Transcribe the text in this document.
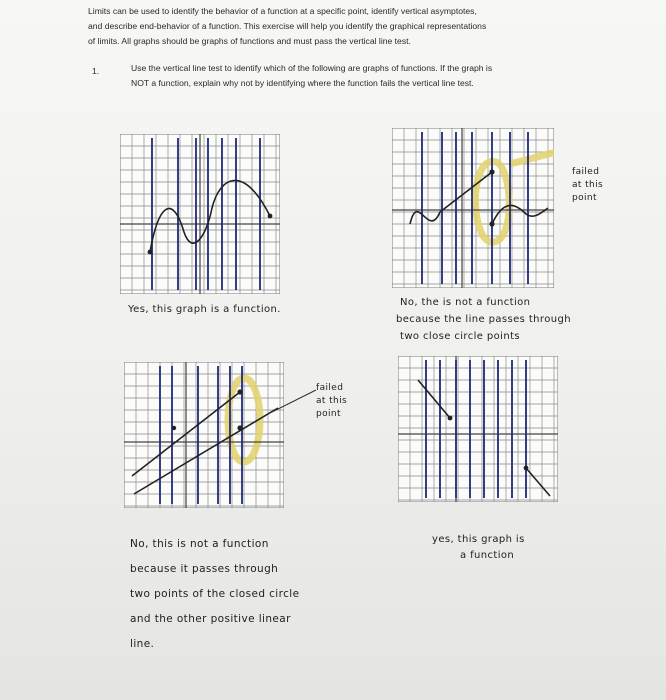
Limits can be used to identify the behavior of a function at a specific point, identify vertical asymptotes,
and describe end-behavior of a function. This exercise will help you identify the graphical representations
of limits. All graphs should be graphs of functions and must pass the vertical line test.
1.	Use the vertical line test to identify which of the following are graphs of functions. If the graph is
NOT a function, explain why not by identifying where the function fails the vertical line test.
Yes, this graph is a function.
failed
at this
point
No, the is not a function
because the line passes through
two close circle points
failed
at this
point
No, this is not a function
because it passes through
two points of the closed circle
and the other positive linear
line.
yes, this graph is
a function
